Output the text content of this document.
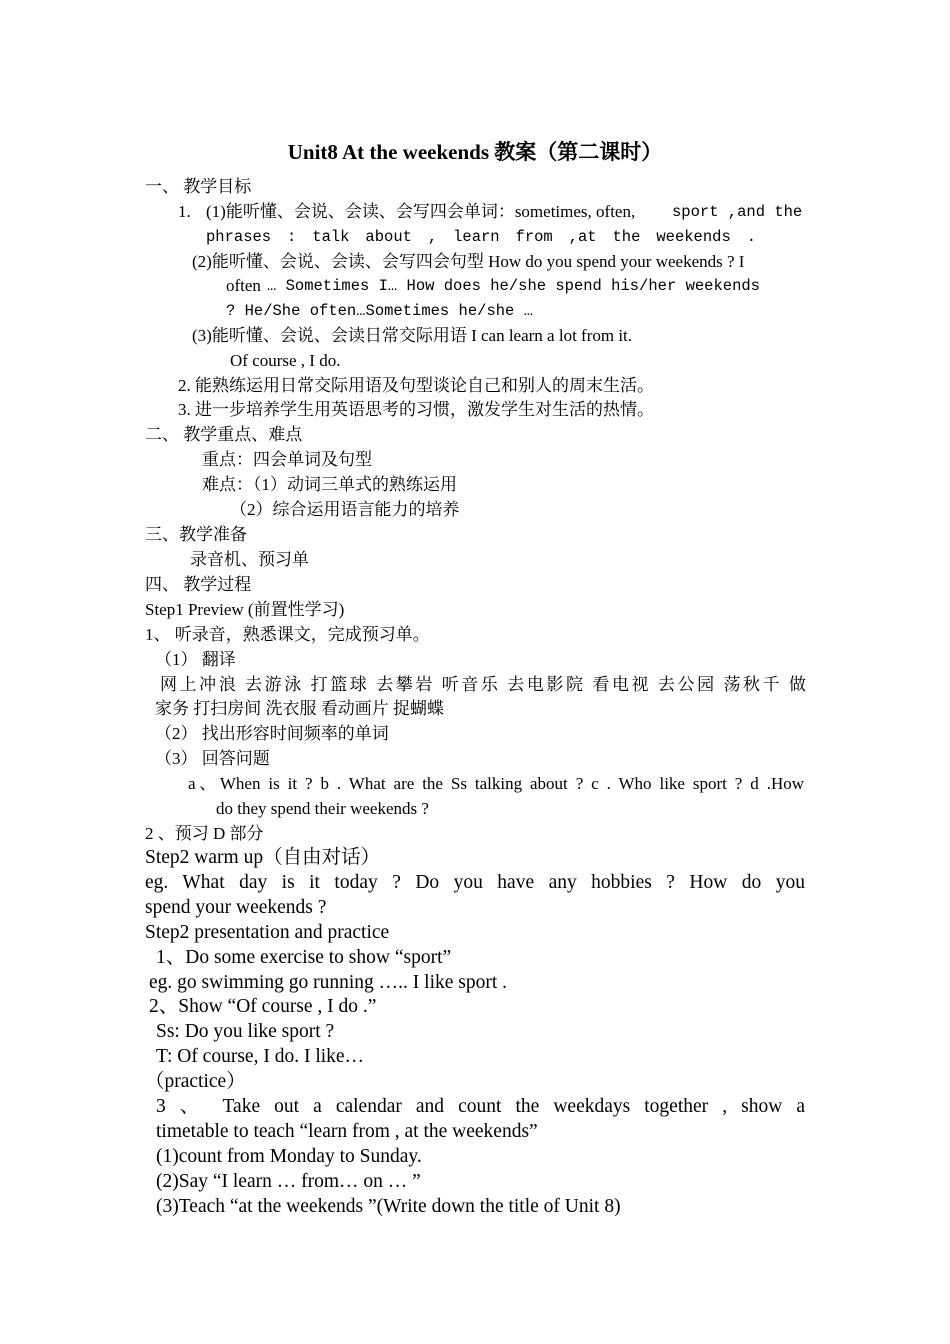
Unit8 At the weekends 教案（第二课时）
一、 教学目标
1. (1)能听懂、会说、会读、会写四会单词：sometimes, often, sport ,and the
phrases : talk about , learn from ,at the weekends .
(2)能听懂、会说、会读、会写四会句型 How do you spend your weekends ? I
often … Sometimes I… How does he/she spend his/her weekends
? He/She often…Sometimes he/she …
(3)能听懂、会说、会读日常交际用语 I can learn a lot from it.
Of course , I do.
2. 能熟练运用日常交际用语及句型谈论自己和别人的周末生活。
3. 进一步培养学生用英语思考的习惯，激发学生对生活的热情。
二、 教学重点、难点
重点：四会单词及句型
难点：（1）动词三单式的熟练运用
（2）综合运用语言能力的培养
三、教学准备
录音机、预习单
四、 教学过程
Step1 Preview (前置性学习)
1、 听录音，熟悉课文，完成预习单。
（1） 翻译
网上冲浪 去游泳 打篮球 去攀岩 听音乐 去电影院 看电视 去公园 荡秋千 做
家务 打扫房间 洗衣服 看动画片 捉蝴蝶
（2） 找出形容时间频率的单词
（3） 回答问题
a、When is it ? b . What are the Ss talking about ? c . Who like sport ? d .How
do they spend their weekends ?
2 、预习 D 部分
Step2 warm up（自由对话）
eg. What day is it today ? Do you have any hobbies ? How do you
spend your weekends ?
Step2 presentation and practice
1、Do some exercise to show “sport”
eg. go swimming go running ….. I like sport .
2、Show “Of course , I do .”
Ss: Do you like sport ?
T: Of course, I do. I like…
（practice）
3 、 Take out a calendar and count the weekdays together , show a
timetable to teach “learn from , at the weekends”
(1)count from Monday to Sunday.
(2)Say “I learn … from… on … ”
(3)Teach “at the weekends ”(Write down the title of Unit 8)
